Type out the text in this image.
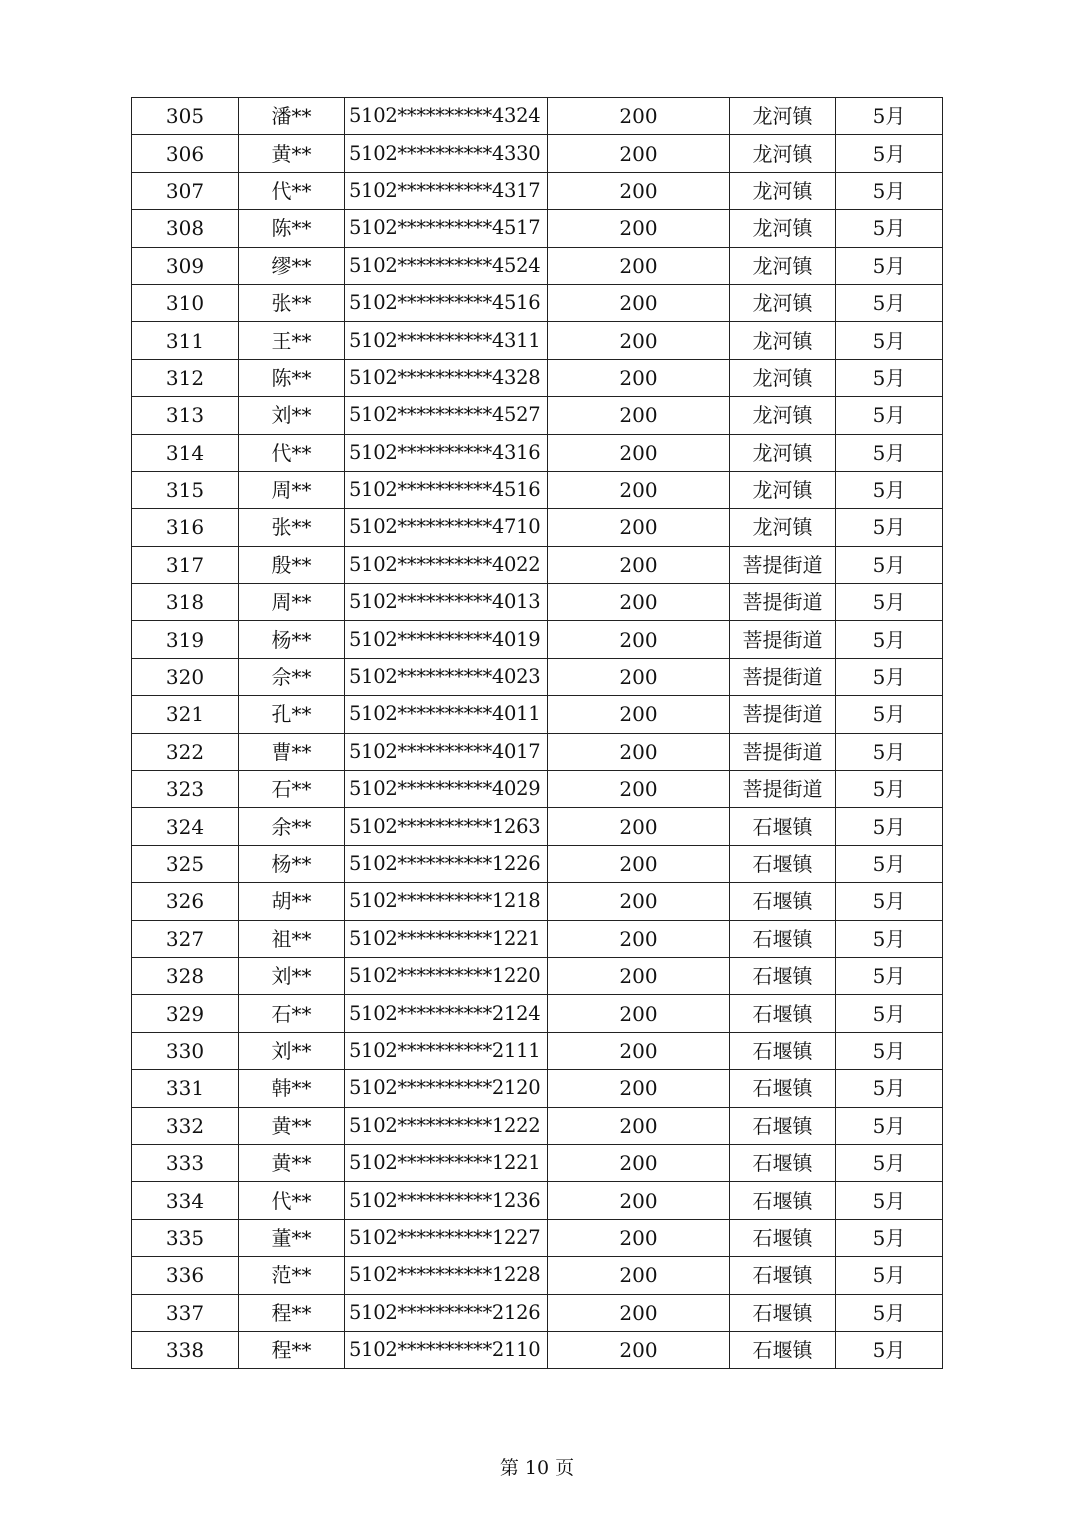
305	潘**	5102**********4324	200	龙河镇	5月
306	黄**	5102**********4330	200	龙河镇	5月
307	代**	5102**********4317	200	龙河镇	5月
308	陈**	5102**********4517	200	龙河镇	5月
309	缪**	5102**********4524	200	龙河镇	5月
310	张**	5102**********4516	200	龙河镇	5月
311	王**	5102**********4311	200	龙河镇	5月
312	陈**	5102**********4328	200	龙河镇	5月
313	刘**	5102**********4527	200	龙河镇	5月
314	代**	5102**********4316	200	龙河镇	5月
315	周**	5102**********4516	200	龙河镇	5月
316	张**	5102**********4710	200	龙河镇	5月
317	殷**	5102**********4022	200	菩提街道	5月
318	周**	5102**********4013	200	菩提街道	5月
319	杨**	5102**********4019	200	菩提街道	5月
320	佘**	5102**********4023	200	菩提街道	5月
321	孔**	5102**********4011	200	菩提街道	5月
322	曹**	5102**********4017	200	菩提街道	5月
323	石**	5102**********4029	200	菩提街道	5月
324	余**	5102**********1263	200	石堰镇	5月
325	杨**	5102**********1226	200	石堰镇	5月
326	胡**	5102**********1218	200	石堰镇	5月
327	祖**	5102**********1221	200	石堰镇	5月
328	刘**	5102**********1220	200	石堰镇	5月
329	石**	5102**********2124	200	石堰镇	5月
330	刘**	5102**********2111	200	石堰镇	5月
331	韩**	5102**********2120	200	石堰镇	5月
332	黄**	5102**********1222	200	石堰镇	5月
333	黄**	5102**********1221	200	石堰镇	5月
334	代**	5102**********1236	200	石堰镇	5月
335	董**	5102**********1227	200	石堰镇	5月
336	范**	5102**********1228	200	石堰镇	5月
337	程**	5102**********2126	200	石堰镇	5月
338	程**	5102**********2110	200	石堰镇	5月
第 10 页
